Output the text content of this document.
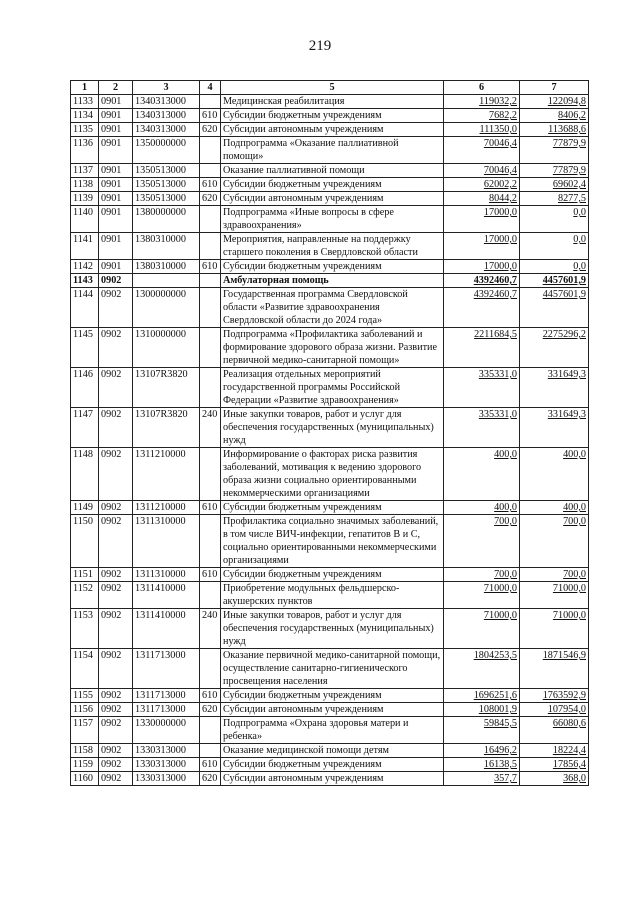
219
1	2	3	4	5	6	7
1133	0901	1340313000		Медицинская реабилитация	119032,2	122094,8
1134	0901	1340313000	610	Субсидии бюджетным учреждениям	7682,2	8406,2
1135	0901	1340313000	620	Субсидии автономным учреждениям	111350,0	113688,6
1136	0901	1350000000		Подпрограмма «Оказание паллиативной помощи»	70046,4	77879,9
1137	0901	1350513000		Оказание паллиативной помощи	70046,4	77879,9
1138	0901	1350513000	610	Субсидии бюджетным учреждениям	62002,2	69602,4
1139	0901	1350513000	620	Субсидии автономным учреждениям	8044,2	8277,5
1140	0901	1380000000		Подпрограмма «Иные вопросы в сфере здравоохранения»	17000,0	0,0
1141	0901	1380310000		Мероприятия, направленные на поддержку старшего поколения в Свердловской области	17000,0	0,0
1142	0901	1380310000	610	Субсидии бюджетным учреждениям	17000,0	0,0
1143	0902			Амбулаторная помощь	4392460,7	4457601,9
1144	0902	1300000000		Государственная программа Свердловской области «Развитие здравоохранения Свердловской области до 2024 года»	4392460,7	4457601,9
1145	0902	1310000000		Подпрограмма «Профилактика заболеваний и формирование здорового образа жизни. Развитие первичной медико-санитарной помощи»	2211684,5	2275296,2
1146	0902	13107R3820		Реализация отдельных мероприятий государственной программы Российской Федерации «Развитие здравоохранения»	335331,0	331649,3
1147	0902	13107R3820	240	Иные закупки товаров, работ и услуг для обеспечения государственных (муниципальных) нужд	335331,0	331649,3
1148	0902	1311210000		Информирование о факторах риска развития заболеваний, мотивация к ведению здорового образа жизни социально ориентированными некоммерческими организациями	400,0	400,0
1149	0902	1311210000	610	Субсидии бюджетным учреждениям	400,0	400,0
1150	0902	1311310000		Профилактика социально значимых заболеваний, в том числе ВИЧ-инфекции, гепатитов В и С, социально ориентированными некоммерческими организациями	700,0	700,0
1151	0902	1311310000	610	Субсидии бюджетным учреждениям	700,0	700,0
1152	0902	1311410000		Приобретение модульных фельдшерско-акушерских пунктов	71000,0	71000,0
1153	0902	1311410000	240	Иные закупки товаров, работ и услуг для обеспечения государственных (муниципальных) нужд	71000,0	71000,0
1154	0902	1311713000		Оказание первичной медико-санитарной помощи, осуществление санитарно-гигиенического просвещения населения	1804253,5	1871546,9
1155	0902	1311713000	610	Субсидии бюджетным учреждениям	1696251,6	1763592,9
1156	0902	1311713000	620	Субсидии автономным учреждениям	108001,9	107954,0
1157	0902	1330000000		Подпрограмма «Охрана здоровья матери и ребенка»	59845,5	66080,6
1158	0902	1330313000		Оказание медицинской помощи детям	16496,2	18224,4
1159	0902	1330313000	610	Субсидии бюджетным учреждениям	16138,5	17856,4
1160	0902	1330313000	620	Субсидии автономным учреждениям	357,7	368,0
